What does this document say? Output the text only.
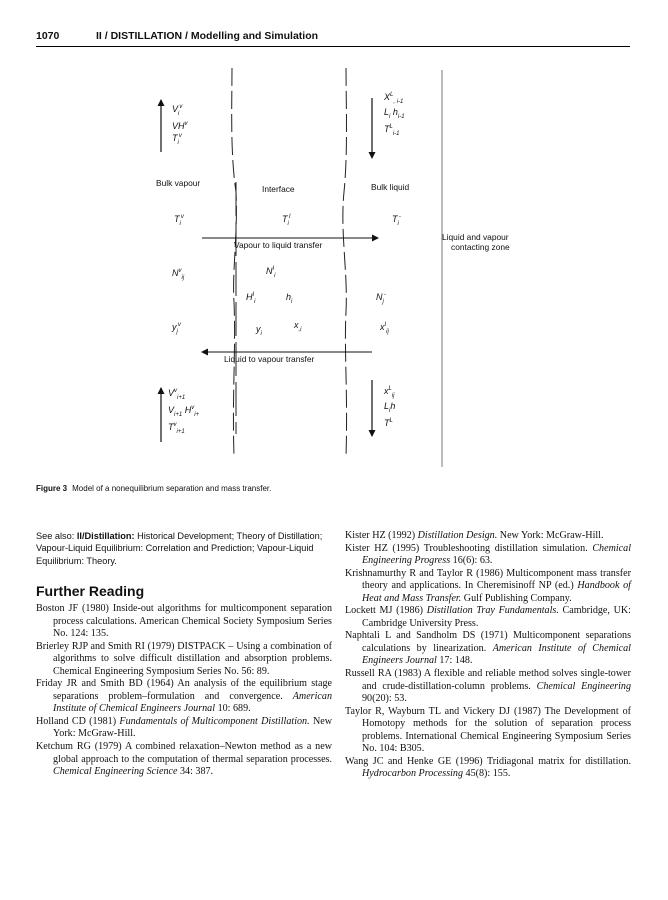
1070	II / DISTILLATION / Modelling and Simulation
Bulk vapour
Interface	Bulk liquid
Liquid and vapour
contacting zone
Vapour to liquid transfer
Liquid to vapour transfer
$V_i^v$
$VH^v$
$T_i^v$
$X^L_{, i-1}$
$L_i$ $h_{i-1}$
$T^L_{i-1}$
$T_i^v$	$T_i^I$	$T_i^-$
$N^v_{ij}$
$N^I_i$
$H^I_i$	$h_i$	$N_j^-$
$y_j^v$	$y_i$
$x_{,i}$	$x^I_{ij}$
$V^v_{i+1}$
$V_{i+1}$ $H^v_{i+}$
$T^v_{i+1}$
$x^L_{ij}$
$L_ih$
$T^L$
Figure 3 Model of a nonequilibrium separation and mass transfer.
See also: II/Distillation: Historical Development; Theory of Distillation; Vapour-Liquid Equilibrium: Correlation and Prediction; Vapour-Liquid Equilibrium: Theory.
Further Reading

Boston JF (1980) Inside-out algorithms for multicomponent separation process calculations. American Chemical Society Symposium Series No. 124: 135.

Brierley RJP and Smith RI (1979) DISTPACK – Using a combination of algorithms to solve difficult distillation and absorption problems. Chemical Engineering Symposium Series No. 56: 89.

Friday JR and Smith BD (1964) An analysis of the equilibrium stage separations problem–formulation and convergence. American Institute of Chemical Engineers Journal 10: 689.

Holland CD (1981) Fundamentals of Multicomponent Distillation. New York: McGraw-Hill.

Ketchum RG (1979) A combined relaxation–Newton method as a new global approach to the computation of thermal separation processes. Chemical Engineering Science 34: 387.

Kister HZ (1992) Distillation Design. New York: McGraw-Hill.

Kister HZ (1995) Troubleshooting distillation simulation. Chemical Engineering Progress 16(6): 63.

Krishnamurthy R and Taylor R (1986) Multicomponent mass transfer theory and applications. In Cheremisinoff NP (ed.) Handbook of Heat and Mass Transfer. Gulf Publishing Company.

Lockett MJ (1986) Distillation Tray Fundamentals. Cambridge, UK: Cambridge University Press.

Naphtali L and Sandholm DS (1971) Multicomponent separations calculations by linearization. American Institute of Chemical Engineers Journal 17: 148.

Russell RA (1983) A flexible and reliable method solves single-tower and crude-distillation-column problems. Chemical Engineering 90(20): 53.

Taylor R, Wayburn TL and Vickery DJ (1987) The Development of Homotopy methods for the solution of separation process problems. International Chemical Engineering Symposium Series No. 104: B305.

Wang JC and Henke GE (1996) Tridiagonal matrix for distillation. Hydrocarbon Processing 45(8): 155.
